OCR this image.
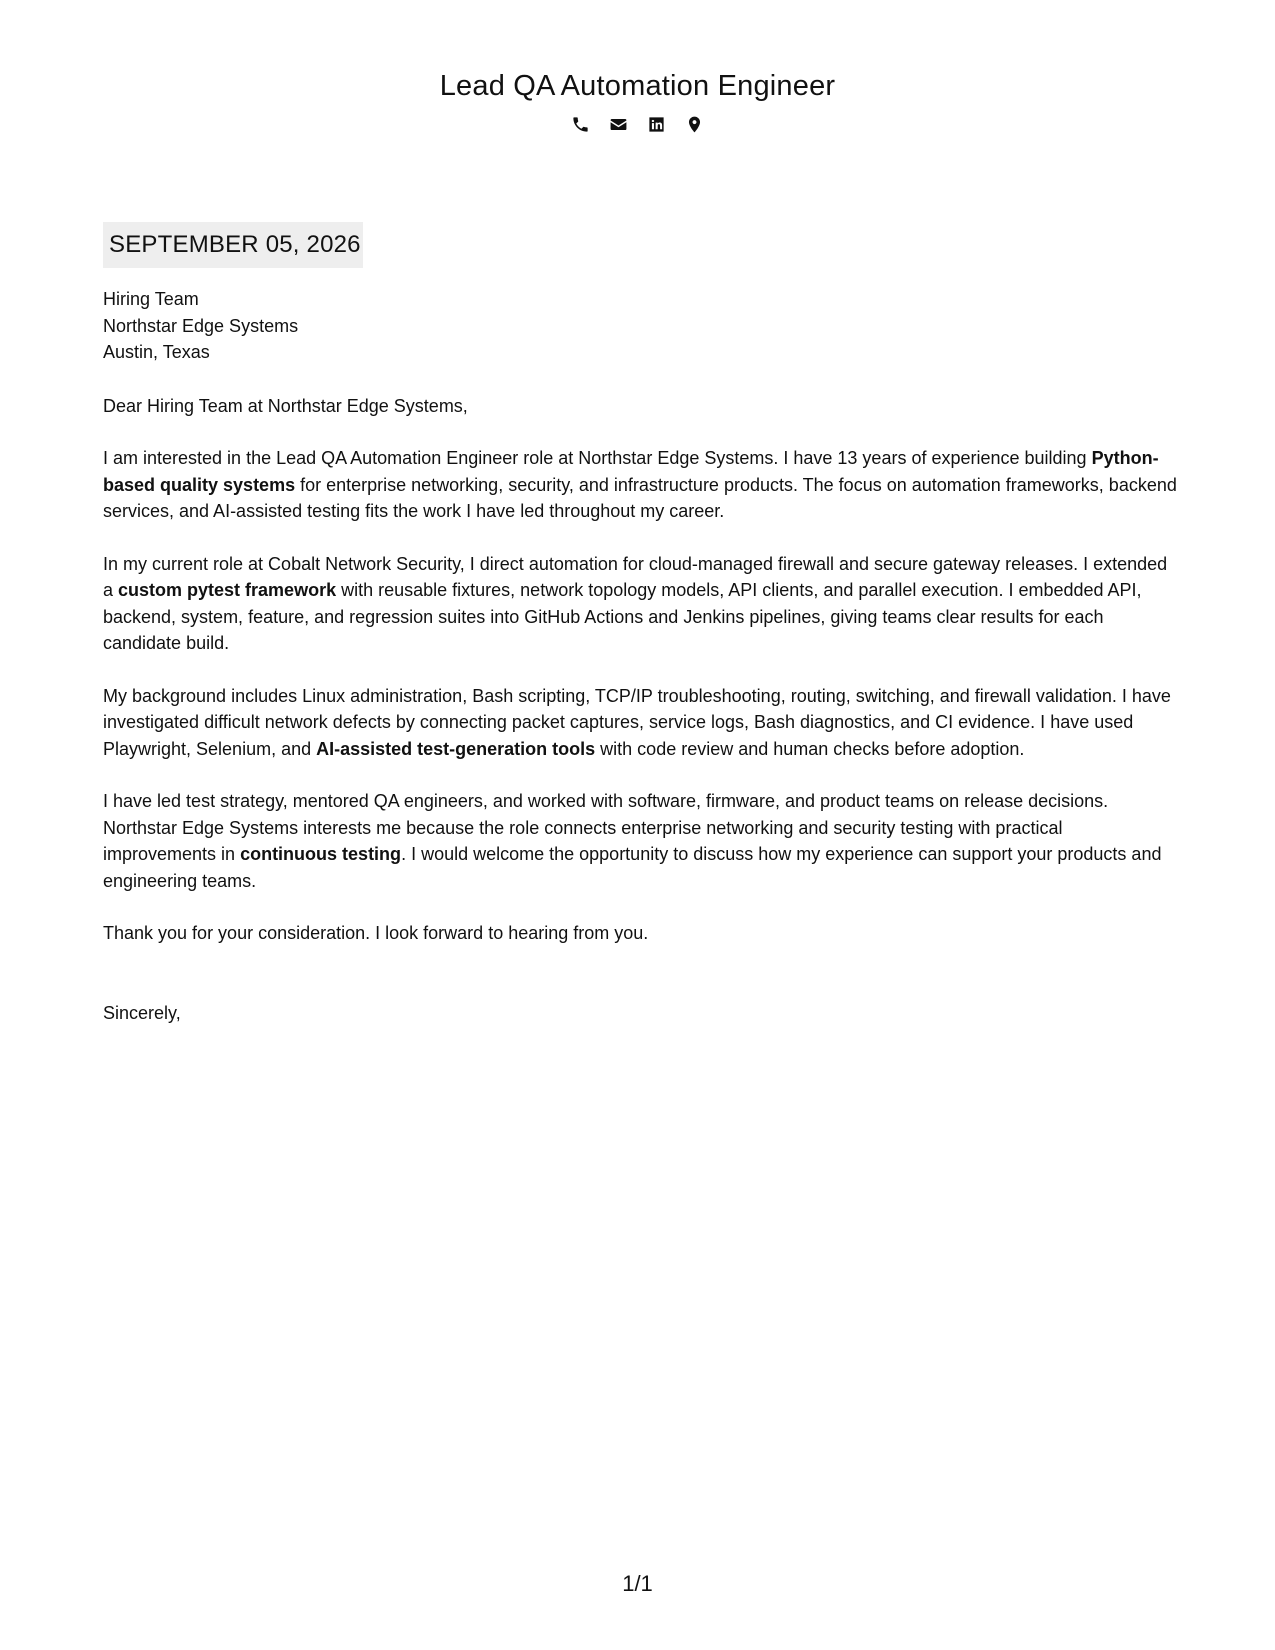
Lead QA Automation Engineer
SEPTEMBER 05, 2026
Hiring Team
Northstar Edge Systems
Austin, Texas
Dear Hiring Team at Northstar Edge Systems,
I am interested in the Lead QA Automation Engineer role at Northstar Edge Systems. I have 13 years of experience building Python-based quality systems for enterprise networking, security, and infrastructure products. The focus on automation frameworks, backend services, and AI-assisted testing fits the work I have led throughout my career.
In my current role at Cobalt Network Security, I direct automation for cloud-managed firewall and secure gateway releases. I extended a custom pytest framework with reusable fixtures, network topology models, API clients, and parallel execution. I embedded API, backend, system, feature, and regression suites into GitHub Actions and Jenkins pipelines, giving teams clear results for each candidate build.
My background includes Linux administration, Bash scripting, TCP/IP troubleshooting, routing, switching, and firewall validation. I have investigated difficult network defects by connecting packet captures, service logs, Bash diagnostics, and CI evidence. I have used Playwright, Selenium, and AI-assisted test-generation tools with code review and human checks before adoption.
I have led test strategy, mentored QA engineers, and worked with software, firmware, and product teams on release decisions. Northstar Edge Systems interests me because the role connects enterprise networking and security testing with practical improvements in continuous testing. I would welcome the opportunity to discuss how my experience can support your products and engineering teams.
Thank you for your consideration. I look forward to hearing from you.
Sincerely,
1/1
